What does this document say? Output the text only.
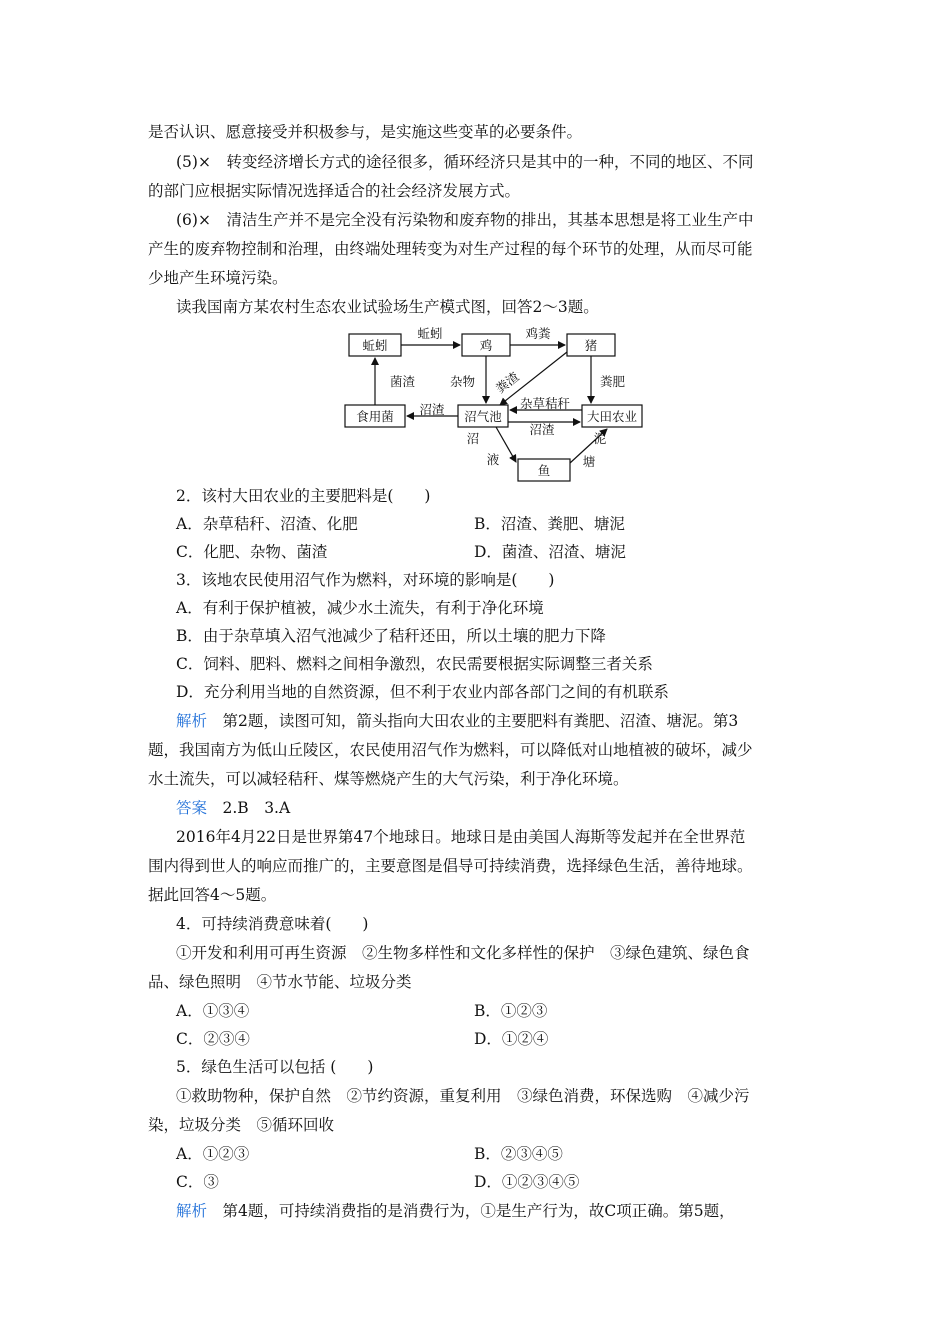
是否认识、愿意接受并积极参与，是实施这些变革的必要条件。
(5)×　转变经济增长方式的途径很多，循环经济只是其中的一种，不同的地区、不同
的部门应根据实际情况选择适合的社会经济发展方式。
(6)×　清洁生产并不是完全没有污染物和废弃物的排出，其基本思想是将工业生产中
产生的废弃物控制和治理，由终端处理转变为对生产过程的每个环节的处理，从而尽可能
少地产生环境污染。
读我国南方某农村生态农业试验场生产模式图，回答2～3题。
蚯蚓	鸡	猪
食用菌	沼气池	大田农业
鱼
蚯蚓	鸡粪
菌渣	杂物 粪渣	粪肥
沼渣	杂草秸秆
沼渣
沼
液
泥
塘
2．该村大田农业的主要肥料是(　　)
A．杂草秸秆、沼渣、化肥	B．沼渣、粪肥、塘泥
C．化肥、杂物、菌渣	D．菌渣、沼渣、塘泥
3．该地农民使用沼气作为燃料，对环境的影响是(　　)
A．有利于保护植被，减少水土流失，有利于净化环境
B．由于杂草填入沼气池减少了秸秆还田，所以土壤的肥力下降
C．饲料、肥料、燃料之间相争激烈，农民需要根据实际调整三者关系
D．充分利用当地的自然资源，但不利于农业内部各部门之间的有机联系
解析　第2题，读图可知，箭头指向大田农业的主要肥料有粪肥、沼渣、塘泥。第3
题，我国南方为低山丘陵区，农民使用沼气作为燃料，可以降低对山地植被的破坏，减少
水土流失，可以减轻秸秆、煤等燃烧产生的大气污染，利于净化环境。
答案　2.B　3.A
2016年4月22日是世界第47个地球日。地球日是由美国人海斯等发起并在全世界范
围内得到世人的响应而推广的，主要意图是倡导可持续消费，选择绿色生活，善待地球。
据此回答4～5题。
4．可持续消费意味着(　　)
①开发和利用可再生资源　②生物多样性和文化多样性的保护　③绿色建筑、绿色食
品、绿色照明　④节水节能、垃圾分类
A．①③④	B．①②③
C．②③④	D．①②④
5．绿色生活可以包括 (　　)
①救助物种，保护自然　②节约资源，重复利用　③绿色消费，环保选购　④减少污
染，垃圾分类　⑤循环回收
A．①②③	B．②③④⑤
C．③	D．①②③④⑤
解析　第4题，可持续消费指的是消费行为，①是生产行为，故C项正确。第5题，
